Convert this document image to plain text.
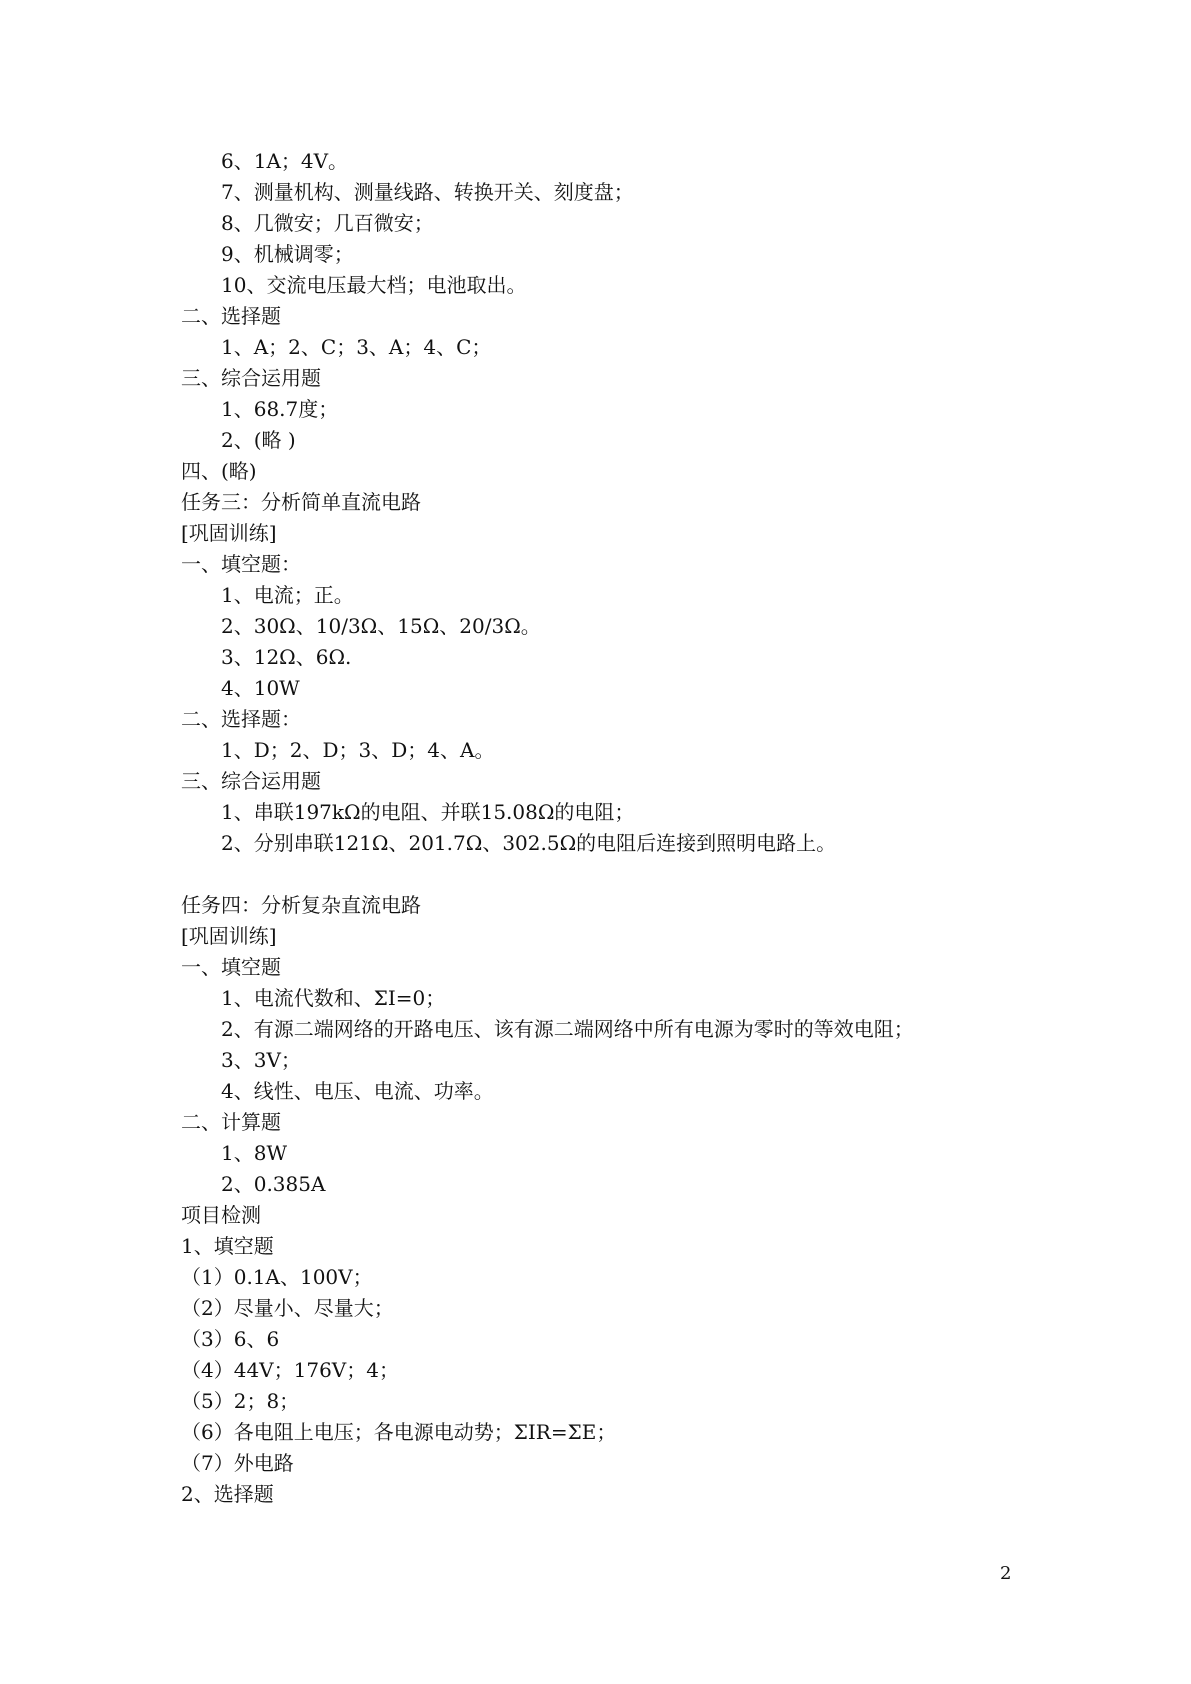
6、1A；4V。
7、测量机构、测量线路、转换开关、刻度盘；
8、几微安；几百微安；
9、机械调零；
10、交流电压最大档；电池取出。
二、选择题
1、A；2、C；3、A；4、C；
三、综合运用题
1、68.7度；
2、(略 )
四、(略)
任务三：分析简单直流电路
[巩固训练]
一、填空题：
1、电流；正。
2、30Ω、10/3Ω、15Ω、20/3Ω。
3、12Ω、6Ω.
4、10W
二、选择题：
1、D；2、D；3、D；4、A。
三、综合运用题
1、串联197kΩ的电阻、并联15.08Ω的电阻；
2、分别串联121Ω、201.7Ω、302.5Ω的电阻后连接到照明电路上。
任务四：分析复杂直流电路
[巩固训练]
一、填空题
1、电流代数和、ΣI=0；
2、有源二端网络的开路电压、该有源二端网络中所有电源为零时的等效电阻；
3、3V；
4、线性、电压、电流、功率。
二、计算题
1、8W
2、0.385A
项目检测
1、填空题
（1）0.1A、100V；
（2）尽量小、尽量大；
（3）6、6
（4）44V；176V；4；
（5）2；8；
（6）各电阻上电压；各电源电动势；ΣIR=ΣE；
（7）外电路
2、选择题
2
